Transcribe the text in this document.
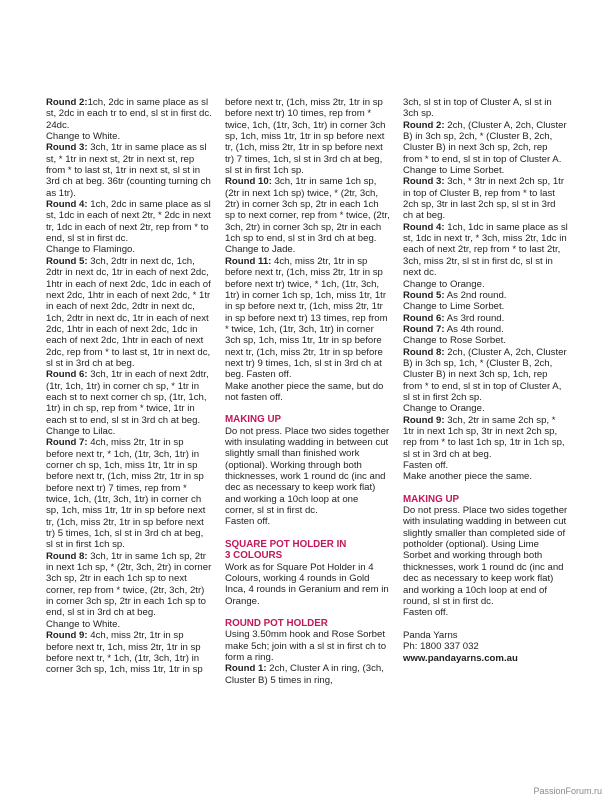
Round 2:1ch, 2dc in same place as sl st, 2dc in each tr to end, sl st in first dc. 24dc.

Change to White.

Round 3: 3ch, 1tr in same place as sl st, * 1tr in next st, 2tr in next st, rep from * to last st, 1tr in next st, sl st in 3rd ch at beg. 36tr (counting turning ch as 1tr).

Round 4: 1ch, 2dc in same place as sl st, 1dc in each of next 2tr, * 2dc in next tr, 1dc in each of next 2tr, rep from * to end, sl st in first dc.

Change to Flamingo.

Round 5: 3ch, 2dtr in next dc, 1ch, 2dtr in next dc, 1tr in each of next 2dc, 1htr in each of next 2dc, 1dc in each of next 2dc, 1htr in each of next 2dc, * 1tr in each of next 2dc, 2dtr in next dc, 1ch, 2dtr in next dc, 1tr in each of next 2dc, 1htr in each of next 2dc, 1dc in each of next 2dc, 1htr in each of next 2dc, rep from * to last st, 1tr in next dc, sl st in 3rd ch at beg.

Round 6: 3ch, 1tr in each of next 2dtr, (1tr, 1ch, 1tr) in corner ch sp, * 1tr in each st to next corner ch sp, (1tr, 1ch, 1tr) in ch sp, rep from * twice, 1tr in each st to end, sl st in 3rd ch at beg.

Change to Lilac.

Round 7: 4ch, miss 2tr, 1tr in sp before next tr, * 1ch, (1tr, 3ch, 1tr) in corner ch sp, 1ch, miss 1tr, 1tr in sp before next tr, (1ch, miss 2tr, 1tr in sp before next tr) 7 times, rep from * twice, 1ch, (1tr, 3ch, 1tr) in corner ch sp, 1ch, miss 1tr, 1tr in sp before next tr, (1ch, miss 2tr, 1tr in sp before next tr) 5 times, 1ch, sl st in 3rd ch at beg, sl st in first 1ch sp.

Round 8: 3ch, 1tr in same 1ch sp, 2tr in next 1ch sp, * (2tr, 3ch, 2tr) in corner 3ch sp, 2tr in each 1ch sp to next corner, rep from * twice, (2tr, 3ch, 2tr) in corner 3ch sp, 2tr in each 1ch sp to end, sl st in 3rd ch at beg.

Change to White.

Round 9: 4ch, miss 2tr, 1tr in sp before next tr, 1ch, miss 2tr, 1tr in sp before next tr, * 1ch, (1tr, 3ch, 1tr) in corner 3ch sp, 1ch, miss 1tr, 1tr in sp

before next tr, (1ch, miss 2tr, 1tr in sp before next tr) 10 times, rep from * twice, 1ch, (1tr, 3ch, 1tr) in corner 3ch sp, 1ch, miss 1tr, 1tr in sp before next tr, (1ch, miss 2tr, 1tr in sp before next tr) 7 times, 1ch, sl st in 3rd ch at beg, sl st in first 1ch sp.

Round 10: 3ch, 1tr in same 1ch sp, (2tr in next 1ch sp) twice, * (2tr, 3ch, 2tr) in corner 3ch sp, 2tr in each 1ch sp to next corner, rep from * twice, (2tr, 3ch, 2tr) in corner 3ch sp, 2tr in each 1ch sp to end, sl st in 3rd ch at beg.

Change to Jade.

Round 11: 4ch, miss 2tr, 1tr in sp before next tr, (1ch, miss 2tr, 1tr in sp before next tr) twice, * 1ch, (1tr, 3ch, 1tr) in corner 1ch sp, 1ch, miss 1tr, 1tr in sp before next tr, (1ch, miss 2tr, 1tr in sp before next tr) 13 times, rep from * twice, 1ch, (1tr, 3ch, 1tr) in corner 3ch sp, 1ch, miss 1tr, 1tr in sp before next tr, (1ch, miss 2tr, 1tr in sp before next tr) 9 times, 1ch, sl st in 3rd ch at beg. Fasten off.

Make another piece the same, but do not fasten off.

MAKING UP

Do not press. Place two sides together with insulating wadding in between cut slightly small than finished work (optional). Working through both thicknesses, work 1 round dc (inc and dec as necessary to keep work flat) and working a 10ch loop at one corner, sl st in first dc.

Fasten off.

SQUARE POT HOLDER IN
3 COLOURS

Work as for Square Pot Holder in 4 Colours, working 4 rounds in Gold Inca, 4 rounds in Geranium and rem in Orange.

ROUND POT HOLDER

Using 3.50mm hook and Rose Sorbet make 5ch; join with a sl st in first ch to form a ring.

Round 1: 2ch, Cluster A in ring, (3ch, Cluster B) 5 times in ring,

3ch, sl st in top of Cluster A, sl st in 3ch sp.

Round 2: 2ch, (Cluster A, 2ch, Cluster B) in 3ch sp, 2ch, * (Cluster B, 2ch, Cluster B) in next 3ch sp, 2ch, rep from * to end, sl st in top of Cluster A.

Change to Lime Sorbet.

Round 3: 3ch, * 3tr in next 2ch sp, 1tr in top of Cluster B, rep from * to last 2ch sp, 3tr in last 2ch sp, sl st in 3rd ch at beg.

Round 4: 1ch, 1dc in same place as sl st, 1dc in next tr, * 3ch, miss 2tr, 1dc in each of next 2tr, rep from * to last 2tr, 3ch, miss 2tr, sl st in first dc, sl st in next dc.

Change to Orange.

Round 5: As 2nd round.

Change to Lime Sorbet.

Round 6: As 3rd round.

Round 7: As 4th round.

Change to Rose Sorbet.

Round 8: 2ch, (Cluster A, 2ch, Cluster B) in 3ch sp, 1ch, * (Cluster B, 2ch, Cluster B) in next 3ch sp, 1ch, rep from * to end, sl st in top of Cluster A, sl st in first 2ch sp.

Change to Orange.

Round 9: 3ch, 2tr in same 2ch sp, * 1tr in next 1ch sp, 3tr in next 2ch sp, rep from * to last 1ch sp, 1tr in 1ch sp, sl st in 3rd ch at beg.

Fasten off.

Make another piece the same.

MAKING UP

Do not press. Place two sides together with insulating wadding in between cut slightly smaller than completed side of potholder (optional). Using Lime Sorbet and working through both thicknesses, work 1 round dc (inc and dec as necessary to keep work flat) and working a 10ch loop at end of round, sl st in first dc.

Fasten off.

Panda Yarns

Ph: 1800 337 032

www.pandayarns.com.au

PassionForum.ru
